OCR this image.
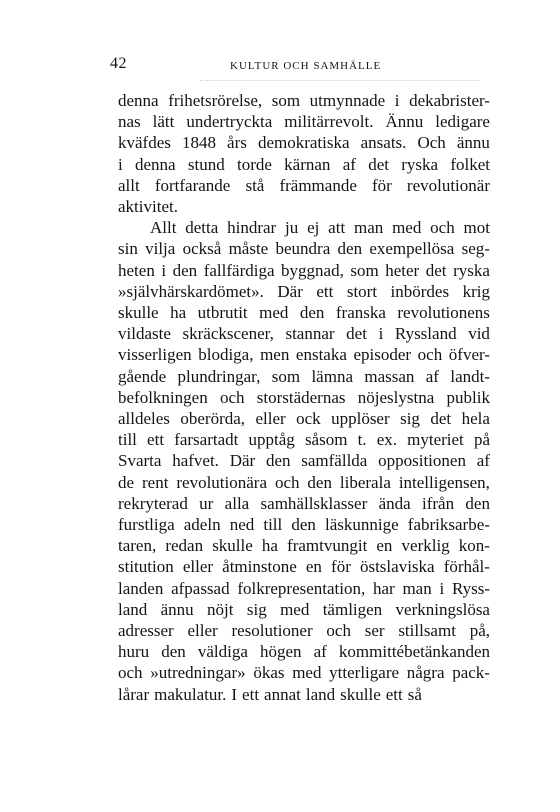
42	KULTUR OCH SAMHÄLLE
denna frihetsrörelse, som utmynnade i dekabrister-
nas lätt undertryckta militärrevolt. Ännu ledigare
kväfdes 1848 års demokratiska ansats. Och ännu
i denna stund torde kärnan af det ryska folket
allt fortfarande stå främmande för revolutionär
aktivitet.
Allt detta hindrar ju ej att man med och mot
sin vilja också måste beundra den exempellösa seg-
heten i den fallfärdiga byggnad, som heter det ryska
»självhärskardömet». Där ett stort inbördes krig
skulle ha utbrutit med den franska revolutionens
vildaste skräckscener, stannar det i Ryssland vid
visserligen blodiga, men enstaka episoder och öfver-
gående plundringar, som lämna massan af landt-
befolkningen och storstädernas nöjeslystna publik
alldeles oberörda, eller ock upplöser sig det hela
till ett farsartadt upptåg såsom t. ex. myteriet på
Svarta hafvet. Där den samfällda oppositionen af
de rent revolutionära och den liberala intelligensen,
rekryterad ur alla samhällsklasser ända ifrån den
furstliga adeln ned till den läskunnige fabriksarbe-
taren, redan skulle ha framtvungit en verklig kon-
stitution eller åtminstone en för östslaviska förhål-
landen afpassad folkrepresentation, har man i Ryss-
land ännu nöjt sig med tämligen verkningslösa
adresser eller resolutioner och ser stillsamt på,
huru den väldiga högen af kommittébetänkanden
och »utredningar» ökas med ytterligare några pack-
lårar makulatur. I ett annat land skulle ett så
